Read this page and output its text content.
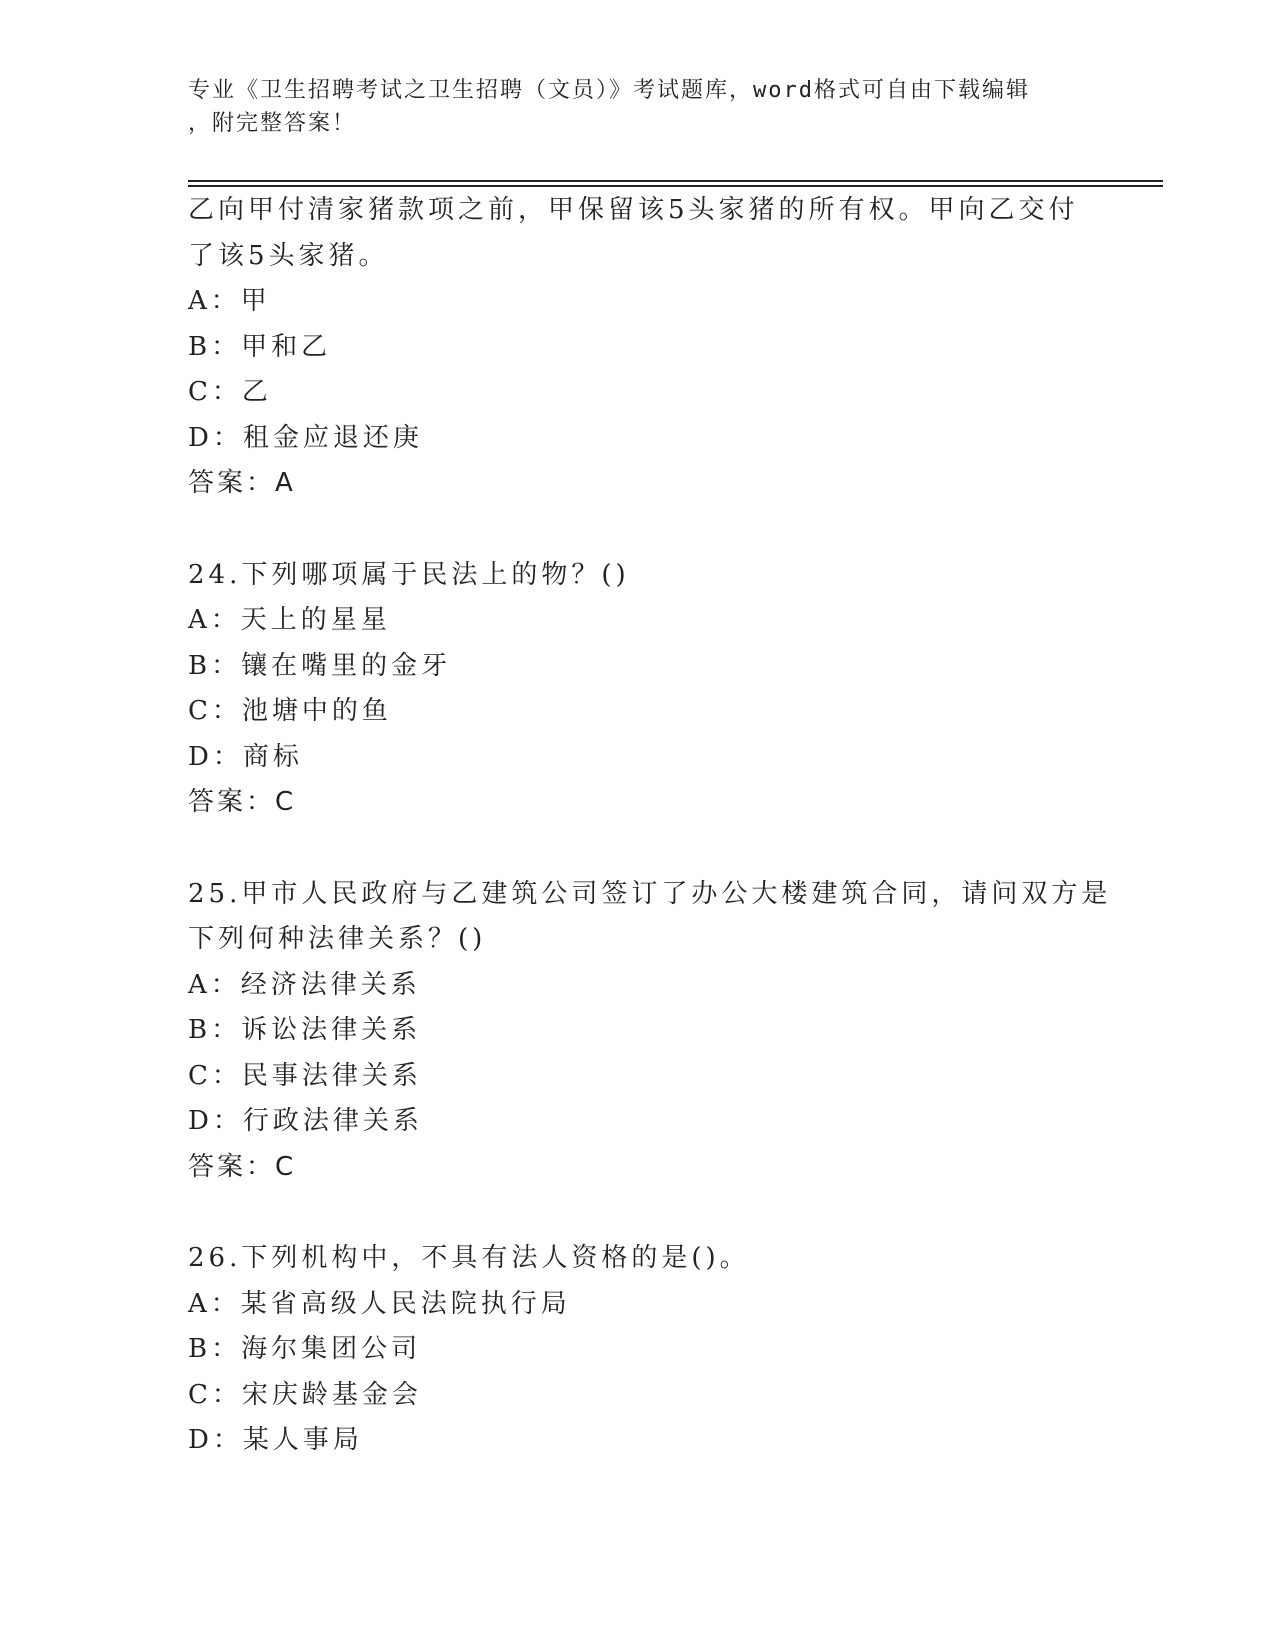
专业《卫生招聘考试之卫生招聘（文员）》考试题库，word格式可自由下载编辑
，附完整答案！
乙向甲付清家猪款项之前，甲保留该5头家猪的所有权。甲向乙交付
了该5头家猪。
A：甲
B：甲和乙
C：乙
D：租金应退还庚
答案：A
24.下列哪项属于民法上的物？()
A：天上的星星
B：镶在嘴里的金牙
C：池塘中的鱼
D：商标
答案：C
25.甲市人民政府与乙建筑公司签订了办公大楼建筑合同，请问双方是
下列何种法律关系？()
A：经济法律关系
B：诉讼法律关系
C：民事法律关系
D：行政法律关系
答案：C
26.下列机构中，不具有法人资格的是()。
A：某省高级人民法院执行局
B：海尔集团公司
C：宋庆龄基金会
D：某人事局
